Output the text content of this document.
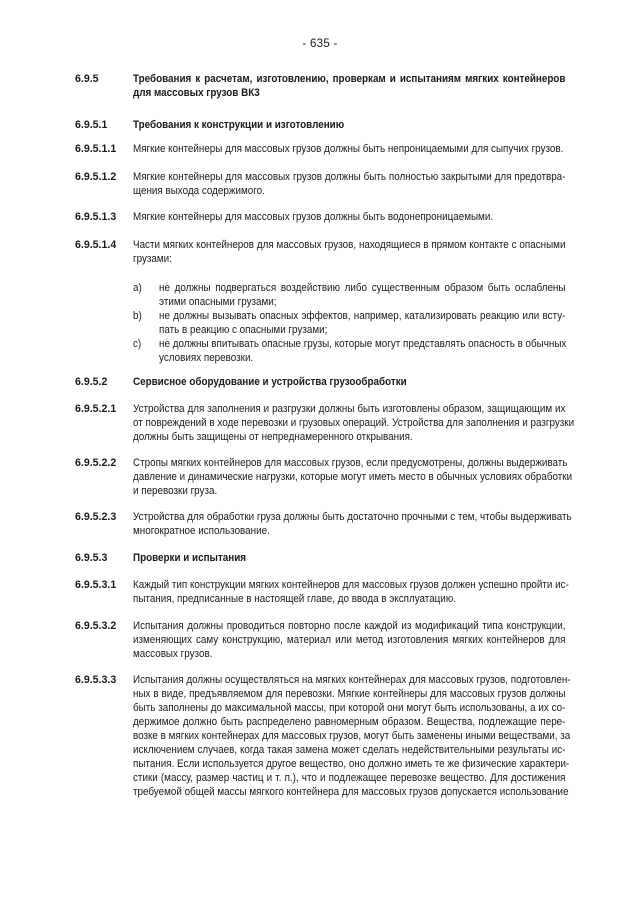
- 635 -
6.9.5	Требования к расчетам, изготовлению, проверкам и испытаниям мягких контейнеров
для массовых грузов ВК3
6.9.5.1 Требования к конструкции и изготовлению
6.9.5.1.1 Мягкие контейнеры для массовых грузов должны быть непроницаемыми для сыпучих грузов.
6.9.5.1.2 Мягкие контейнеры для массовых грузов должны быть полностью закрытыми для предотвра-
щения выхода содержимого.
6.9.5.1.3 Мягкие контейнеры для массовых грузов должны быть водонепроницаемыми.
6.9.5.1.4 Части мягких контейнеров для массовых грузов, находящиеся в прямом контакте с опасными
грузами:
6.9.5.2 Сервисное оборудование и устройства грузообработки
6.9.5.2.1 Устройства для заполнения и разгрузки должны быть изготовлены образом, защищающим их
от повреждений в ходе перевозки и грузовых операций. Устройства для заполнения и разгрузки
должны быть защищены от непреднамеренного открывания.
6.9.5.2.2 Стропы мягких контейнеров для массовых грузов, если предусмотрены, должны выдерживать
давление и динамические нагрузки, которые могут иметь место в обычных условиях обработки
и перевозки груза.
6.9.5.2.3 Устройства для обработки груза должны быть достаточно прочными с тем, чтобы выдерживать
многократное использование.
6.9.5.3 Проверки и испытания
6.9.5.3.1 Каждый тип конструкции мягких контейнеров для массовых грузов должен успешно пройти ис-
пытания, предписанные в настоящей главе, до ввода в эксплуатацию.
6.9.5.3.2 Испытания должны проводиться повторно после каждой из модификаций типа конструкции,
изменяющих саму конструкцию, материал или метод изготовления мягких контейнеров для
массовых грузов.
6.9.5.3.3 Испытания должны осуществляться на мягких контейнерах для массовых грузов, подготовлен-
ных в виде, предъявляемом для перевозки. Мягкие контейнеры для массовых грузов должны
быть заполнены до максимальной массы, при которой они могут быть использованы, а их со-
держимое должно быть распределено равномерным образом. Вещества, подлежащие пере-
возке в мягких контейнерах для массовых грузов, могут быть заменены иными веществами, за
исключением случаев, когда такая замена может сделать недействительными результаты ис-
пытания. Если используется другое вещество, оно должно иметь те же физические характери-
стики (массу, размер частиц и т. п.), что и подлежащее перевозке вещество. Для достижения
требуемой общей массы мягкого контейнера для массовых грузов допускается использование
a) не должны подвергаться воздействию либо существенным образом быть ослаблены
этими опасными грузами;
b) не должны вызывать опасных эффектов, например, катализировать реакцию или всту-
пать в реакцию с опасными грузами;
c) не должны впитывать опасные грузы, которые могут представлять опасность в обычных
условиях перевозки.
